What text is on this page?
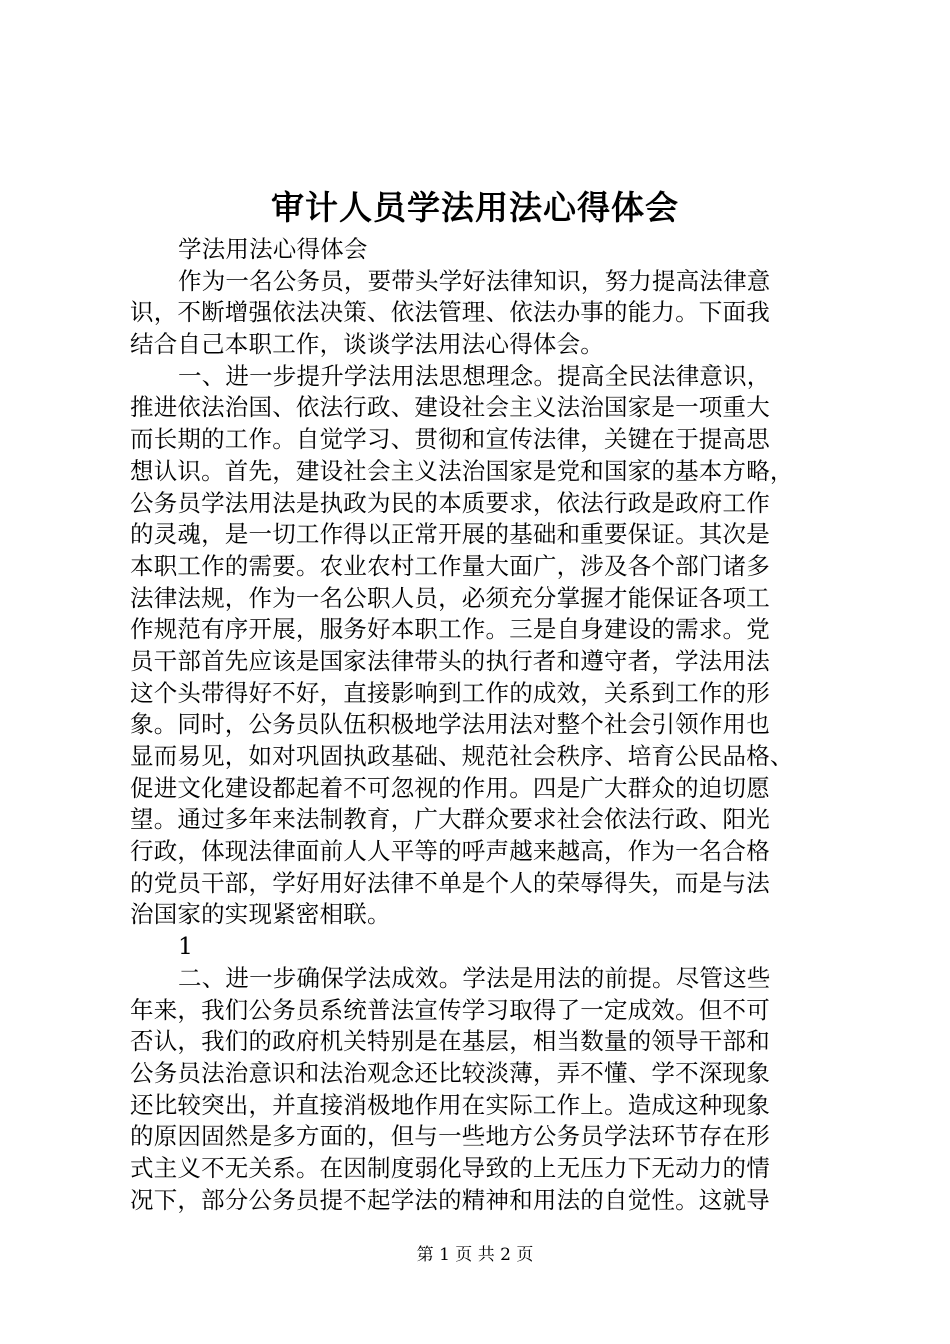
审计人员学法用法心得体会
学法用法心得体会
作为一名公务员，要带头学好法律知识，努力提高法律意
识，不断增强依法决策、依法管理、依法办事的能力。下面我
结合自己本职工作，谈谈学法用法心得体会。
一、进一步提升学法用法思想理念。提高全民法律意识，
推进依法治国、依法行政、建设社会主义法治国家是一项重大
而长期的工作。自觉学习、贯彻和宣传法律，关键在于提高思
想认识。首先，建设社会主义法治国家是党和国家的基本方略，
公务员学法用法是执政为民的本质要求，依法行政是政府工作
的灵魂，是一切工作得以正常开展的基础和重要保证。其次是
本职工作的需要。农业农村工作量大面广，涉及各个部门诸多
法律法规，作为一名公职人员，必须充分掌握才能保证各项工
作规范有序开展，服务好本职工作。三是自身建设的需求。党
员干部首先应该是国家法律带头的执行者和遵守者，学法用法
这个头带得好不好，直接影响到工作的成效，关系到工作的形
象。同时，公务员队伍积极地学法用法对整个社会引领作用也
显而易见，如对巩固执政基础、规范社会秩序、培育公民品格、
促进文化建设都起着不可忽视的作用。四是广大群众的迫切愿
望。通过多年来法制教育，广大群众要求社会依法行政、阳光
行政，体现法律面前人人平等的呼声越来越高，作为一名合格
的党员干部，学好用好法律不单是个人的荣辱得失，而是与法
治国家的实现紧密相联。
1
二、进一步确保学法成效。学法是用法的前提。尽管这些
年来，我们公务员系统普法宣传学习取得了一定成效。但不可
否认，我们的政府机关特别是在基层，相当数量的领导干部和
公务员法治意识和法治观念还比较淡薄，弄不懂、学不深现象
还比较突出，并直接消极地作用在实际工作上。造成这种现象
的原因固然是多方面的，但与一些地方公务员学法环节存在形
式主义不无关系。在因制度弱化导致的上无压力下无动力的情
况下，部分公务员提不起学法的精神和用法的自觉性。这就导
第 1 页 共 2 页
